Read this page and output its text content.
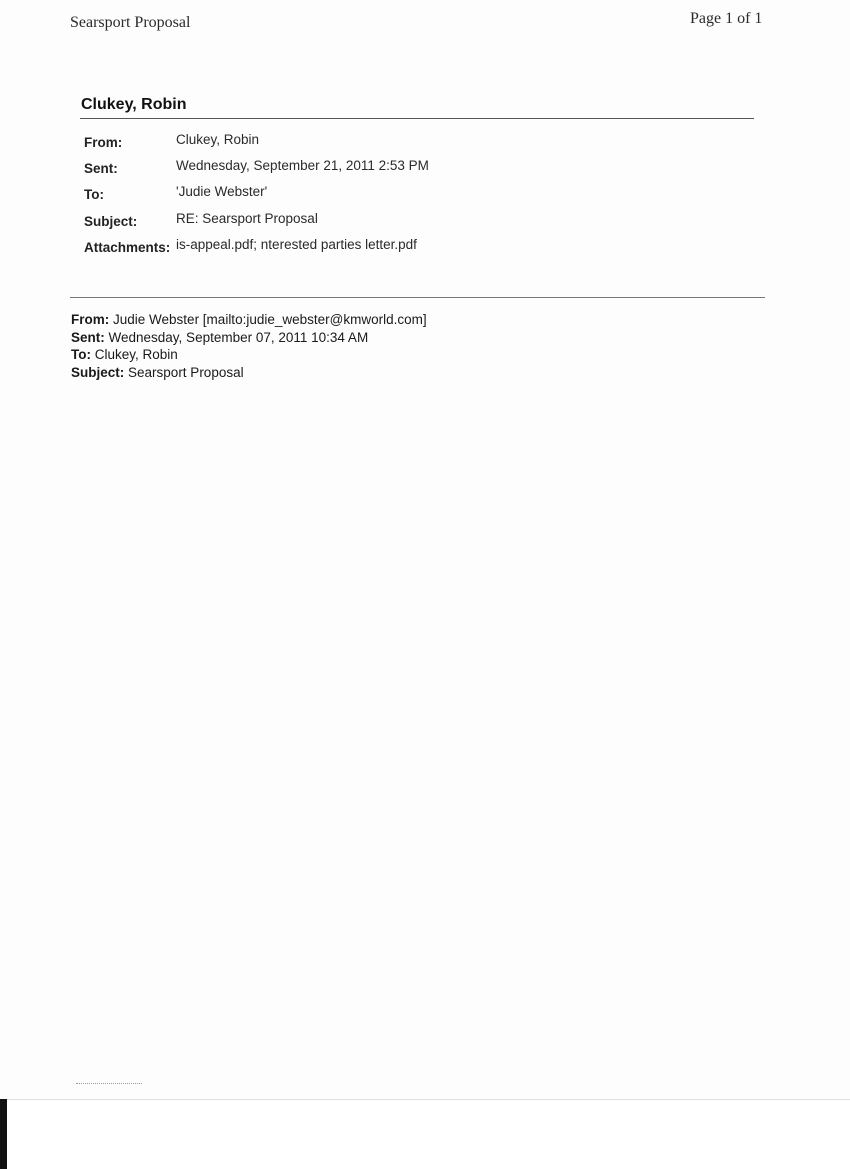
Searsport Proposal	Page 1 of 1
Clukey, Robin
From:	Clukey, Robin
Sent:	Wednesday, September 21, 2011 2:53 PM
To:	'Judie Webster'
Subject:	RE: Searsport Proposal
Attachments:	is-appeal.pdf; nterested parties letter.pdf
From: Judie Webster [mailto:judie_webster@kmworld.com]
Sent: Wednesday, September 07, 2011 10:34 AM
To: Clukey, Robin
Subject: Searsport Proposal
